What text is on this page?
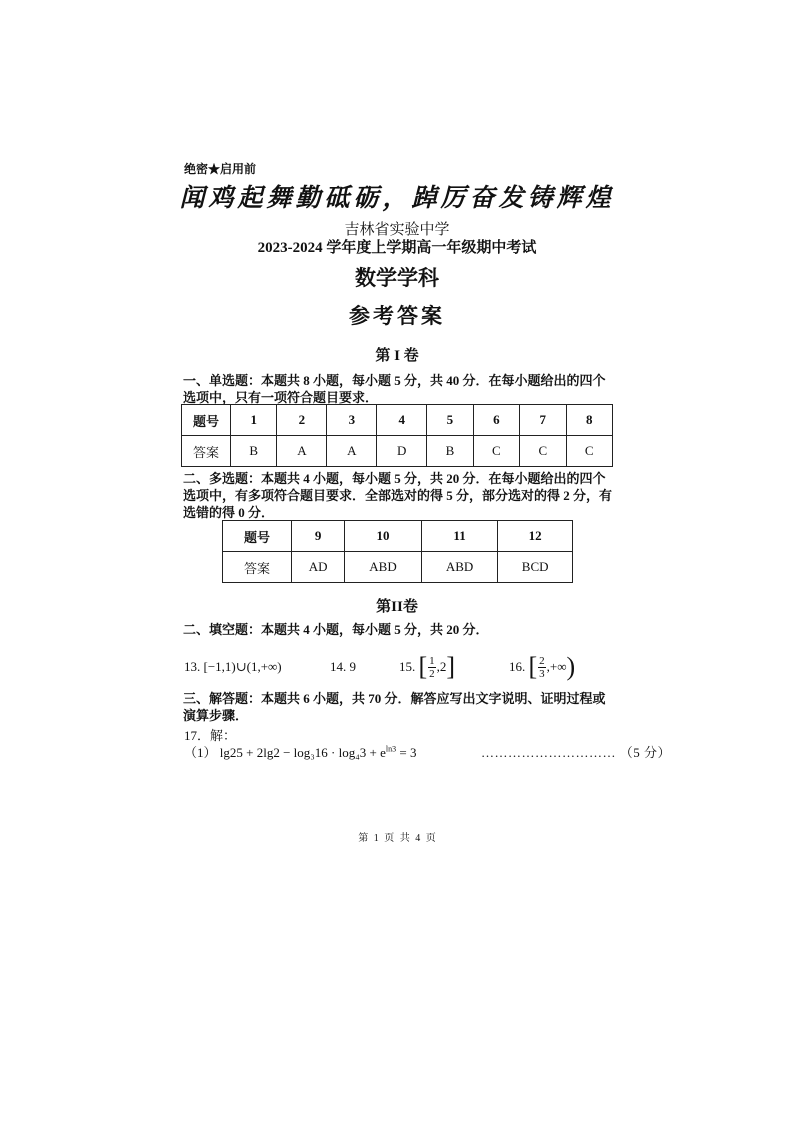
绝密★启用前
闻鸡起舞勤砥砺，踔厉奋发铸辉煌
吉林省实验中学
2023-2024 学年度上学期高一年级期中考试
数学学科
参考答案
第 I 卷
一、单选题：本题共 8 小题，每小题 5 分，共 40 分．在每小题给出的四个选项中，只有一项符合题目要求．
题号	1	2	3	4	5	6	7	8
答案	B	A	A	D	B	C	C	C
二、多选题：本题共 4 小题，每小题 5 分，共 20 分．在每小题给出的四个选项中，有多项符合题目要求．全部选对的得 5 分，部分选对的得 2 分，有选错的得 0 分．
题号	9	10	11	12
答案	AD	ABD	ABD	BCD
第II卷
二、填空题：本题共 4 小题，每小题 5 分，共 20 分．
13.
[−1,1)∪(1,+∞)	14.
9	15.
[ $\frac{1}{2} ,2$ ]	16.
[ $\frac{2}{3}$ ,+∞ )
三、解答题：本题共 6 小题，共 70 分．解答应写出文字说明、证明过程或演算步骤．
17．解：
（1） $\lg 25 + 2\lg 2 - \log_316 \cdot \log_43 + e^{ln3} = 3$	………………………… （5 分）
第 1 页 共 4 页
